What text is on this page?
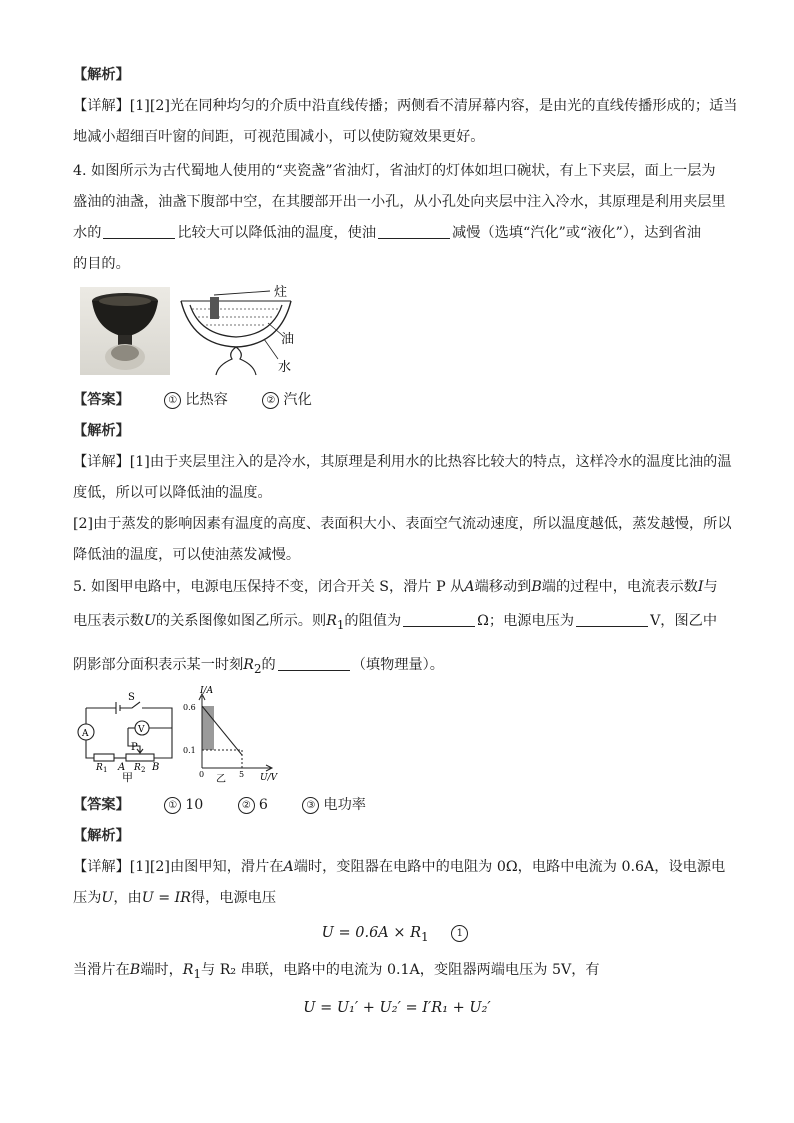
【解析】
【详解】[1][2]光在同种均匀的介质中沿直线传播；两侧看不清屏幕内容，是由光的直线传播形成的；适当
地减小超细百叶窗的间距，可视范围减小，可以使防窥效果更好。
4. 如图所示为古代蜀地人使用的“夹瓷盏”省油灯，省油灯的灯体如坦口碗状，有上下夹层，面上一层为
盛油的油盏，油盏下腹部中空，在其腰部开出一小孔，从小孔处向夹层中注入冷水，其原理是利用夹层里
水的	比较大可以降低油的温度，使油	减慢（选填“汽化”或“液化”），达到省油
的目的。
炷
油
水
【答案】	① 比热容	② 汽化
【解析】
【详解】[1]由于夹层里注入的是冷水，其原理是利用水的比热容比较大的特点，这样冷水的温度比油的温
度低，所以可以降低油的温度。
[2]由于蒸发的影响因素有温度的高度、表面积大小、表面空气流动速度，所以温度越低，蒸发越慢，所以
降低油的温度，可以使油蒸发减慢。
5. 如图甲电路中，电源电压保持不变，闭合开关 S，滑片 P 从A端移动到B端的过程中，电流表示数I与
电压表示数U的关系图像如图乙所示。则$R_1$的阻值为	Ω；电源电压为	V，图乙中
阴影部分面积表示某一时刻$R_2$的	（填物理量）。
S
V
A
P
A	B
R 1	R 2
甲
I/A
U/V
0.6
0.1
0	5
乙
【答案】	① 10	② 6	③ 电功率
【解析】
【详解】[1][2]由图甲知，滑片在A端时，变阻器在电路中的电阻为 0Ω，电路中电流为 0.6A，设电源电
压为U，由U = IR得，电源电压
$U = 0.6A \times R_1$	1
当滑片在B端时，$R_1$与 R₂ 串联，电路中的电流为 0.1A，变阻器两端电压为 5V，有
U = U₁′ + U₂′ = I′R₁ + U₂′
